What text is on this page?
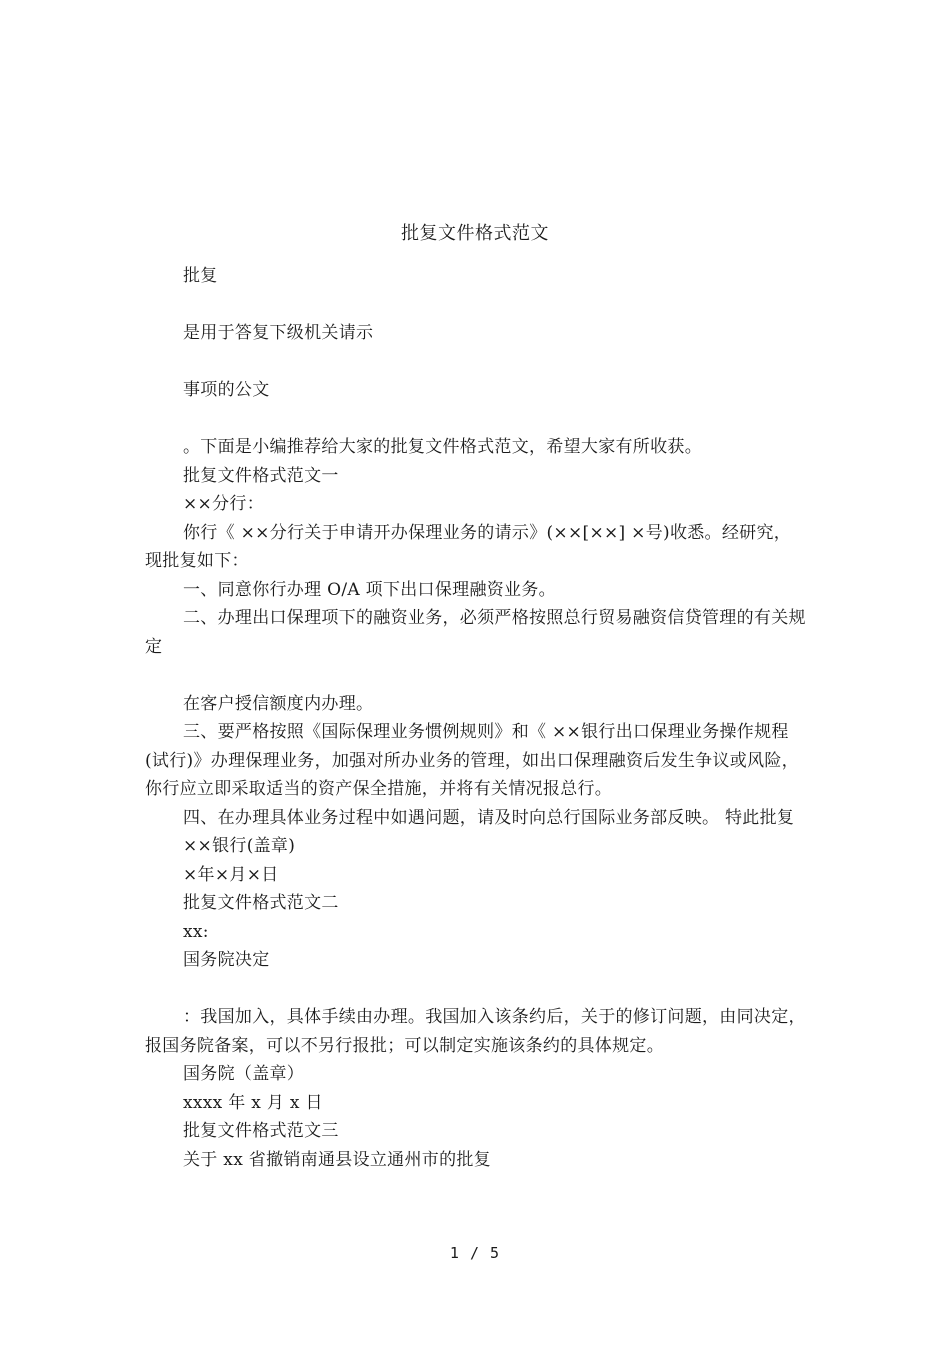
批复文件格式范文

批复

是用于答复下级机关请示

事项的公文

。下面是小编推荐给大家的批复文件格式范文，希望大家有所收获。

批复文件格式范文一

××分行：

你行《 ××分行关于申请开办保理业务的请示》(××[××] ×号)收悉。经研究，现批复如下：

一、同意你行办理 O/A 项下出口保理融资业务。

二、办理出口保理项下的融资业务，必须严格按照总行贸易融资信贷管理的有关规定

在客户授信额度内办理。

三、要严格按照《国际保理业务惯例规则》和《 ××银行出口保理业务操作规程(试行)》办理保理业务，加强对所办业务的管理，如出口保理融资后发生争议或风险，你行应立即采取适当的资产保全措施，并将有关情况报总行。

四、在办理具体业务过程中如遇问题，请及时向总行国际业务部反映。 特此批复

××银行(盖章)

×年×月×日

批复文件格式范文二

xx:

国务院决定

：我国加入，具体手续由办理。我国加入该条约后，关于的修订问题，由同决定，报国务院备案，可以不另行报批；可以制定实施该条约的具体规定。

国务院（盖章）

xxxx 年 x 月 x 日

批复文件格式范文三

关于 xx 省撤销南通县设立通州市的批复

1 / 5
